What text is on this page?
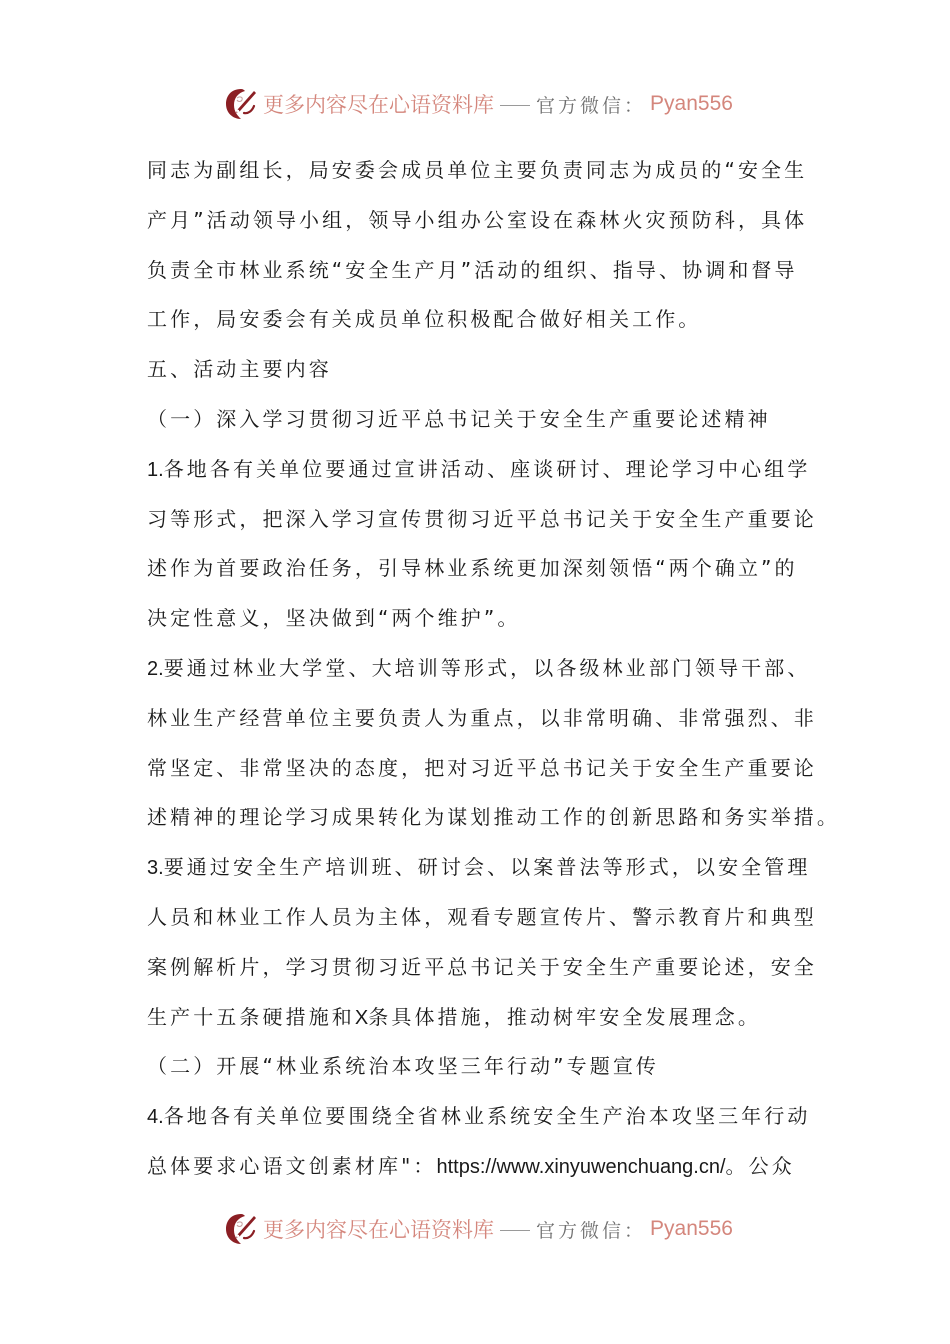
更多内容尽在心语资料库 官方微信： Pyan556
同志为副组长，局安委会成员单位主要负责同志为成员的“安全生
产月”活动领导小组，领导小组办公室设在森林火灾预防科，具体
负责全市林业系统“安全生产月”活动的组织、指导、协调和督导
工作，局安委会有关成员单位积极配合做好相关工作。
五、活动主要内容
（一）深入学习贯彻习近平总书记关于安全生产重要论述精神
1.各地各有关单位要通过宣讲活动、座谈研讨、理论学习中心组学
习等形式，把深入学习宣传贯彻习近平总书记关于安全生产重要论
述作为首要政治任务，引导林业系统更加深刻领悟“两个确立”的
决定性意义，坚决做到“两个维护”。
2.要通过林业大学堂、大培训等形式，以各级林业部门领导干部、
林业生产经营单位主要负责人为重点，以非常明确、非常强烈、非
常坚定、非常坚决的态度，把对习近平总书记关于安全生产重要论
述精神的理论学习成果转化为谋划推动工作的创新思路和务实举措。
3.要通过安全生产培训班、研讨会、以案普法等形式，以安全管理
人员和林业工作人员为主体，观看专题宣传片、警示教育片和典型
案例解析片，学习贯彻习近平总书记关于安全生产重要论述，安全
生产十五条硬措施和X条具体措施，推动树牢安全发展理念。
（二）开展“林业系统治本攻坚三年行动”专题宣传
4.各地各有关单位要围绕全省林业系统安全生产治本攻坚三年行动
总体要求心语文创素材库"：https://www.xinyuwenchuang.cn/。公众
更多内容尽在心语资料库 官方微信： Pyan556
